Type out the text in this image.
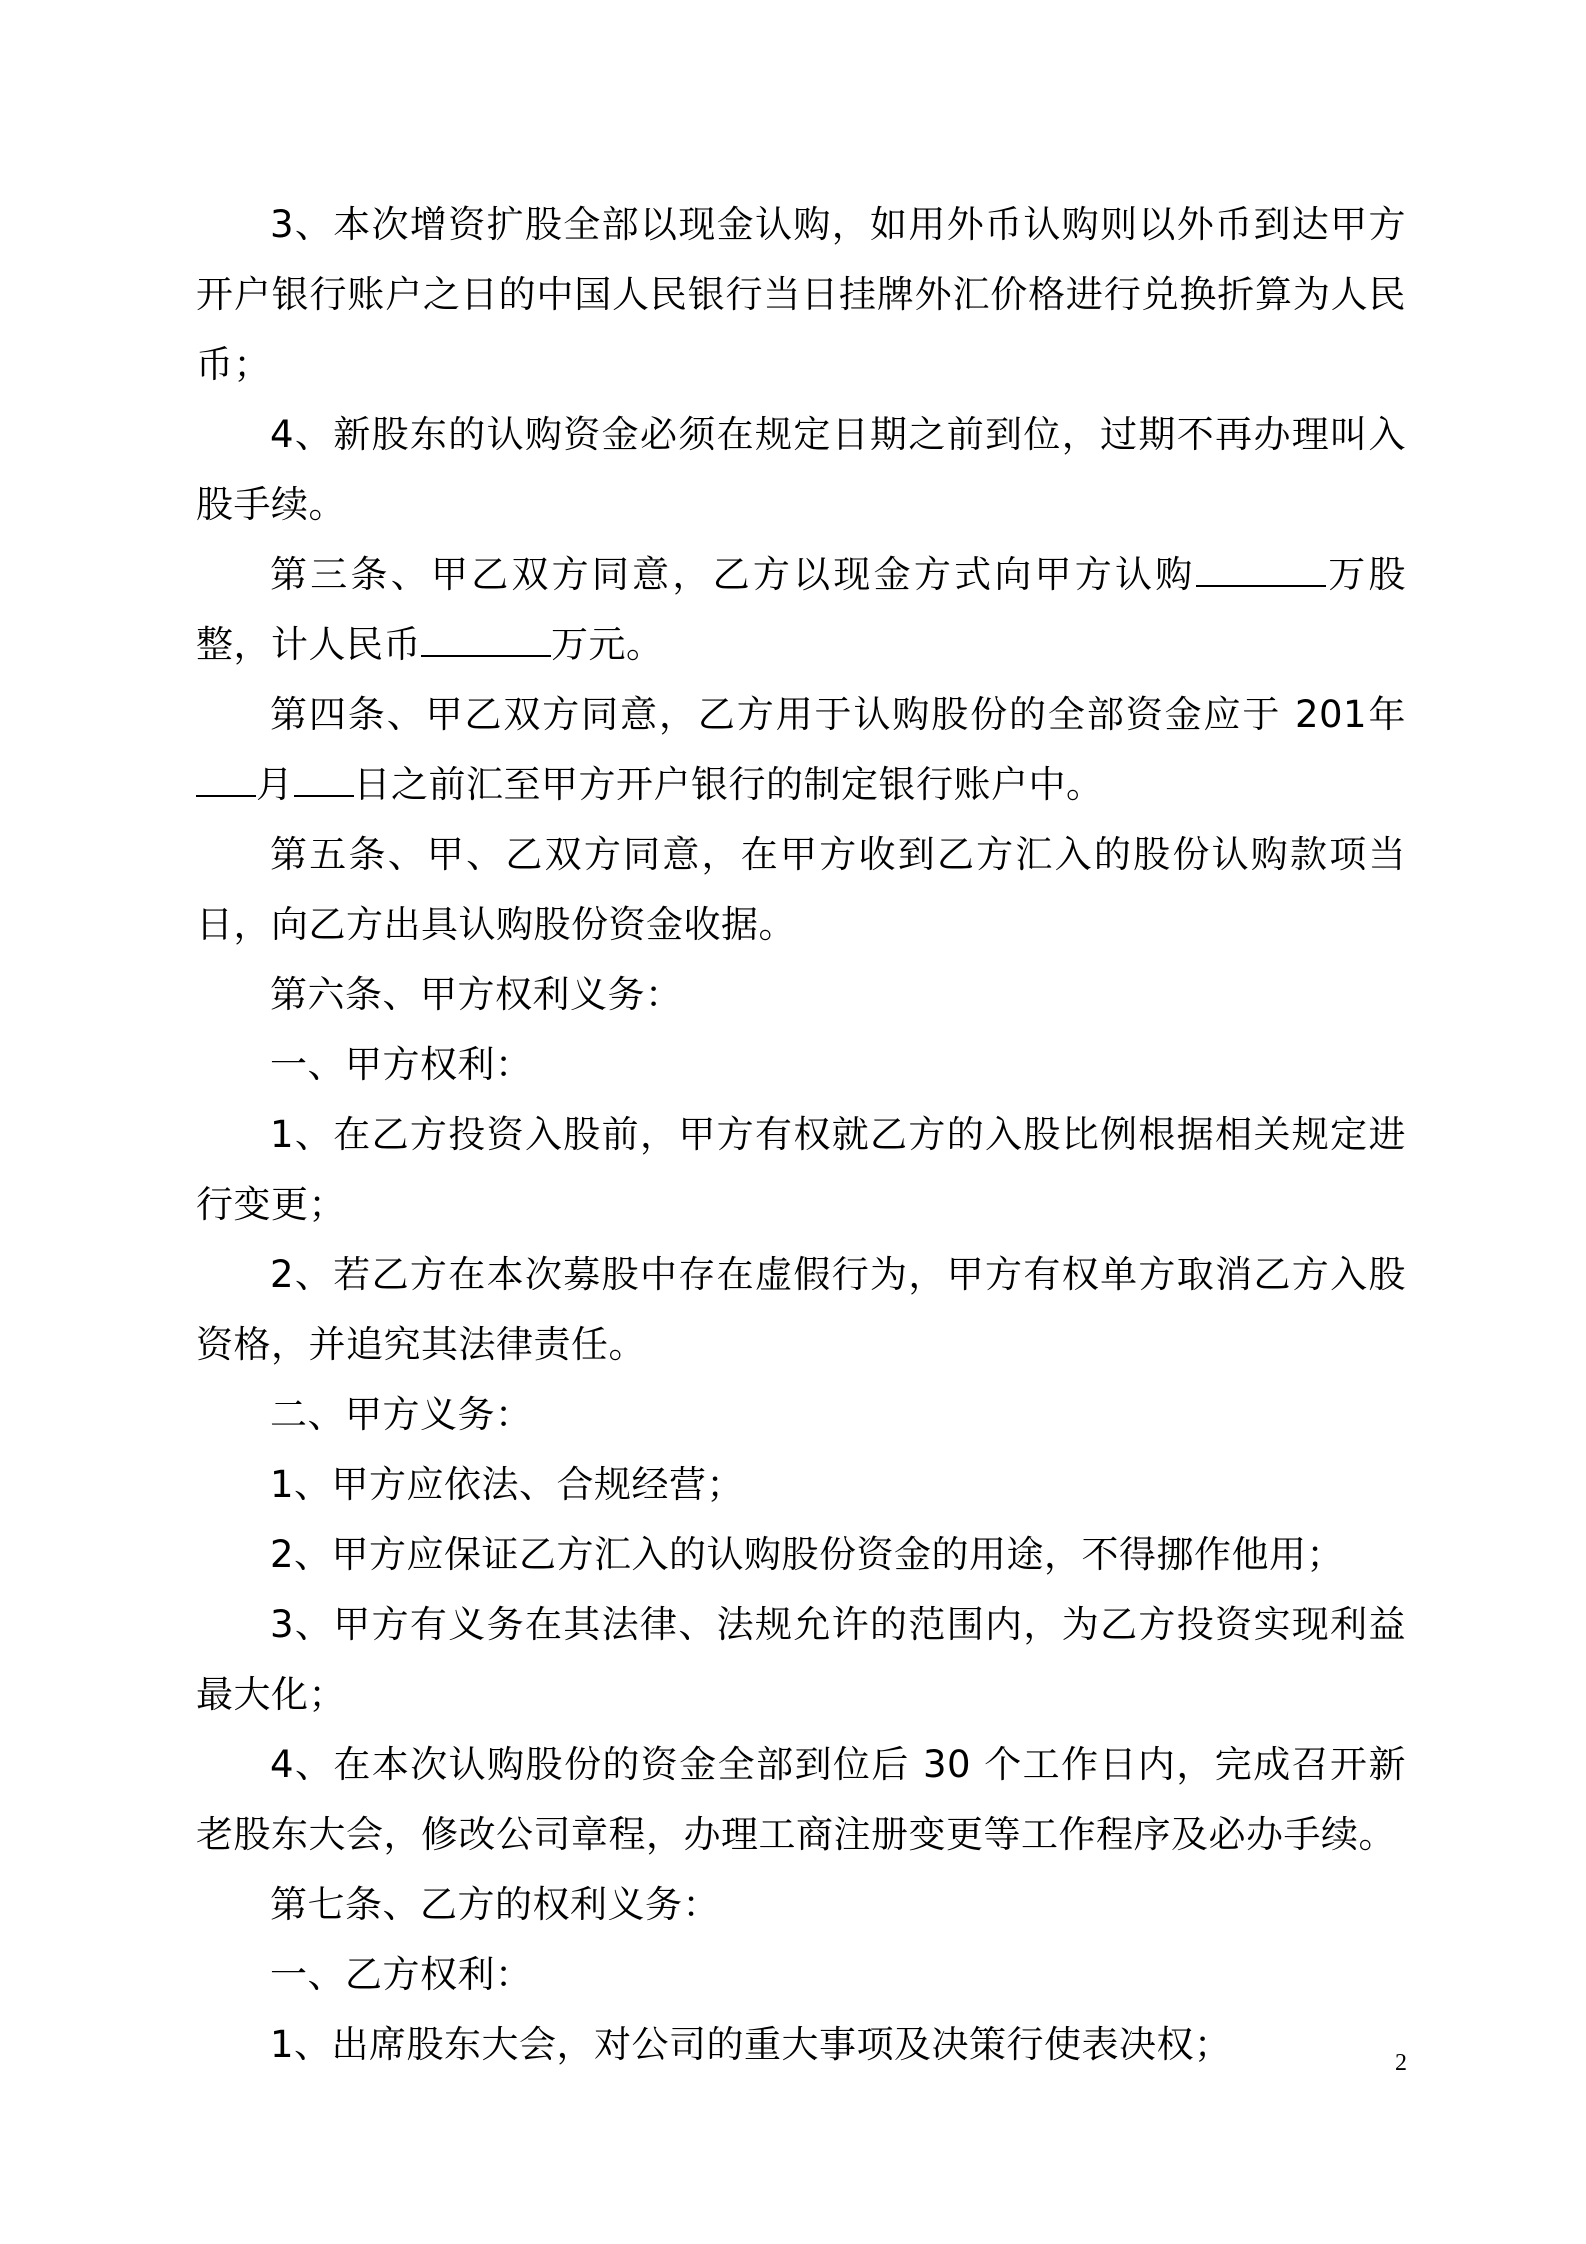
3、本次增资扩股全部以现金认购，如用外币认购则以外币到达甲方开户银行账户之日的中国人民银行当日挂牌外汇价格进行兑换折算为人民币；

4、新股东的认购资金必须在规定日期之前到位，过期不再办理叫入股手续。

第三条、甲乙双方同意，乙方以现金方式向甲方认购	万股整，计人民币	万元。

第四条、甲乙双方同意，乙方用于认购股份的全部资金应于 201年月 日之前汇至甲方开户银行的制定银行账户中。

第五条、甲、乙双方同意，在甲方收到乙方汇入的股份认购款项当日，向乙方出具认购股份资金收据。

第六条、甲方权利义务：

一、甲方权利：

1、在乙方投资入股前，甲方有权就乙方的入股比例根据相关规定进行变更；

2、若乙方在本次募股中存在虚假行为，甲方有权单方取消乙方入股资格，并追究其法律责任。

二、甲方义务：

1、甲方应依法、合规经营；

2、甲方应保证乙方汇入的认购股份资金的用途，不得挪作他用；

3、甲方有义务在其法律、法规允许的范围内，为乙方投资实现利益最大化；

4、在本次认购股份的资金全部到位后 30 个工作日内，完成召开新老股东大会，修改公司章程，办理工商注册变更等工作程序及必办手续。

第七条、乙方的权利义务：

一、乙方权利：

1、出席股东大会，对公司的重大事项及决策行使表决权；	2
